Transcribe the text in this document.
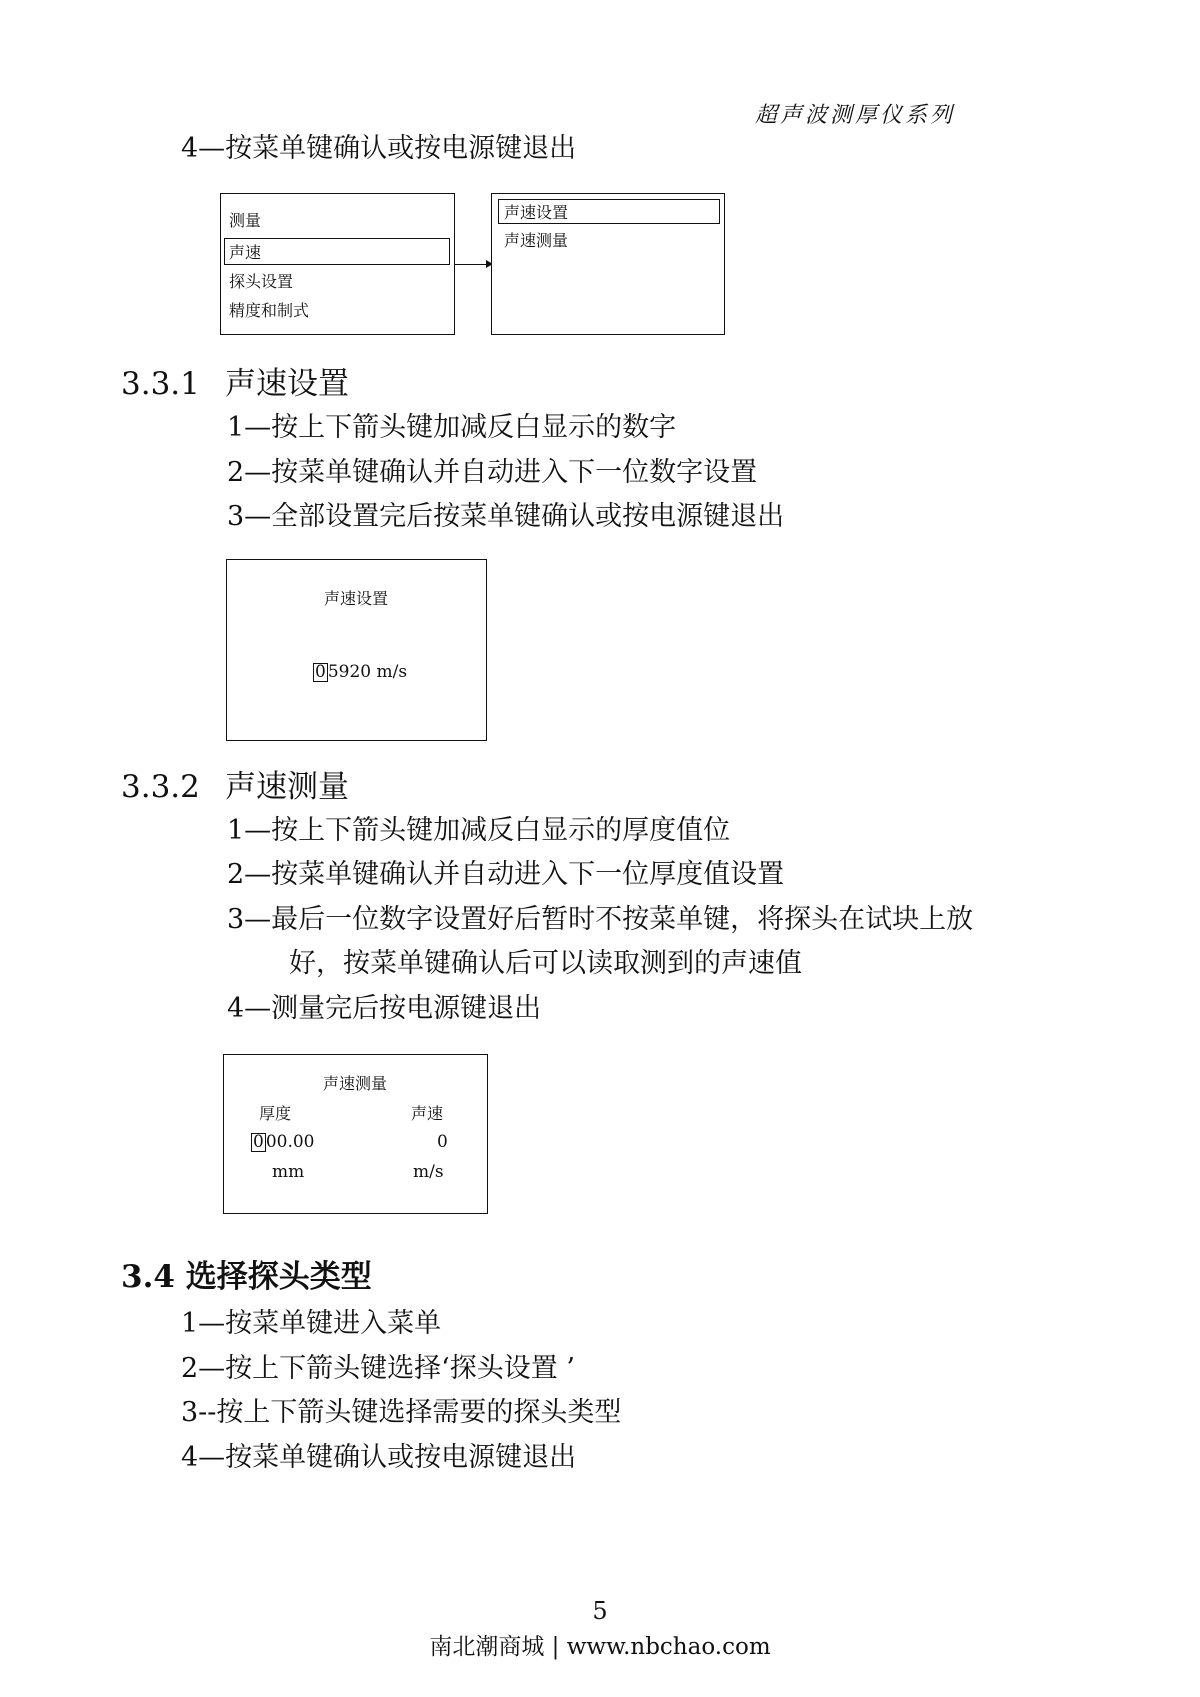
超声波测厚仪系列
4—按菜单键确认或按电源键退出
测量
声速
探头设置
精度和制式
声速设置
声速测量
3.3.1 声速设置
1—按上下箭头键加减反白显示的数字
2—按菜单键确认并自动进入下一位数字设置
3—全部设置完后按菜单键确认或按电源键退出
声速设置
0 5920 m/s
3.3.2 声速测量
1—按上下箭头键加减反白显示的厚度值位
2—按菜单键确认并自动进入下一位厚度值设置
3—最后一位数字设置好后暂时不按菜单键，将探头在试块上放
好，按菜单键确认后可以读取测到的声速值
4—测量完后按电源键退出
声速测量
厚度	声速
0 00.00	0
mm	m/s
3.4 选择探头类型
1—按菜单键进入菜单
2—按上下箭头键选择‘探头设置 ’
3--按上下箭头键选择需要的探头类型
4—按菜单键确认或按电源键退出
5
南北潮商城 | www.nbchao.com
